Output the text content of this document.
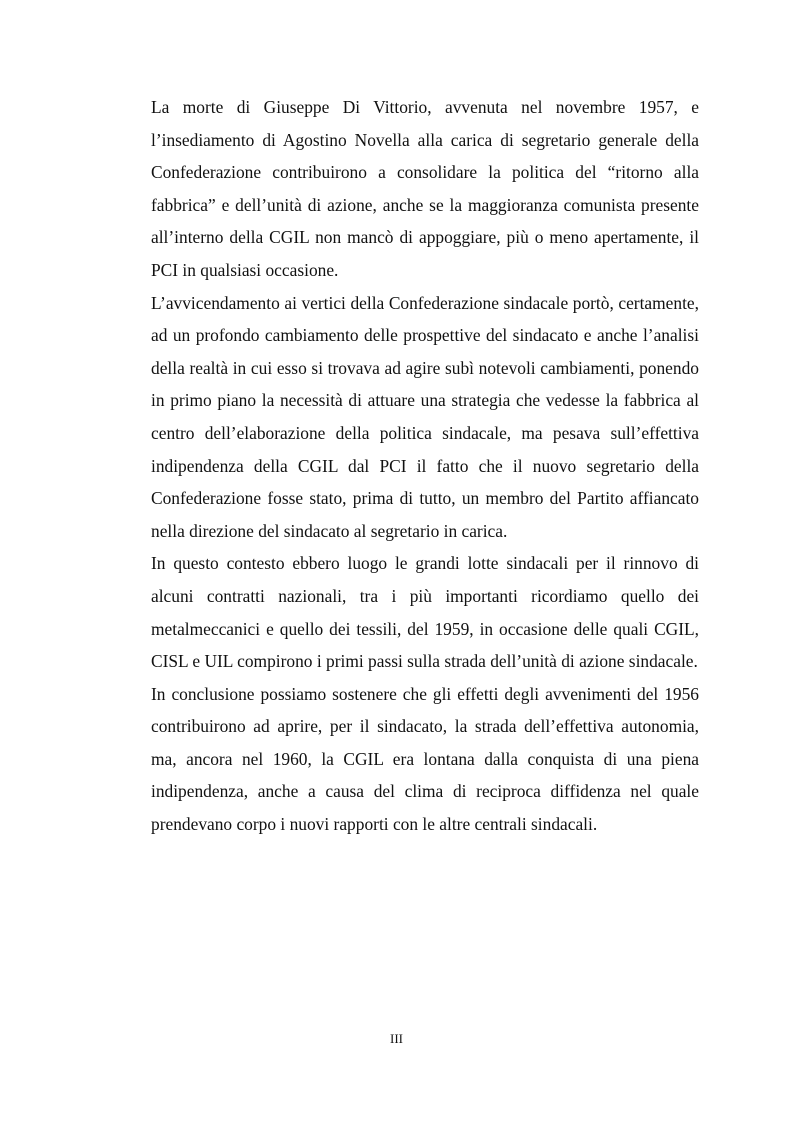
La morte di Giuseppe Di Vittorio, avvenuta nel novembre 1957, e l’insediamento di Agostino Novella alla carica di segretario generale della Confederazione contribuirono a consolidare la politica del “ritorno alla fabbrica” e dell’unità di azione, anche se la maggioranza comunista presente all’interno della CGIL non mancò di appoggiare, più o meno apertamente, il PCI in qualsiasi occasione.

L’avvicendamento ai vertici della Confederazione sindacale portò, certamente, ad un profondo cambiamento delle prospettive del sindacato e anche l’analisi della realtà in cui esso si trovava ad agire subì notevoli cambiamenti, ponendo in primo piano la necessità di attuare una strategia che vedesse la fabbrica al centro dell’elaborazione della politica sindacale, ma pesava sull’effettiva indipendenza della CGIL dal PCI il fatto che il nuovo segretario della Confederazione fosse stato, prima di tutto, un membro del Partito affiancato nella direzione del sindacato al segretario in carica.

In questo contesto ebbero luogo le grandi lotte sindacali per il rinnovo di alcuni contratti nazionali, tra i più importanti ricordiamo quello dei metalmeccanici e quello dei tessili, del 1959, in occasione delle quali CGIL, CISL e UIL compirono i primi passi sulla strada dell’unità di azione sindacale.

In conclusione possiamo sostenere che gli effetti degli avvenimenti del 1956 contribuirono ad aprire, per il sindacato, la strada dell’effettiva autonomia, ma, ancora nel 1960, la CGIL era lontana dalla conquista di una piena indipendenza, anche a causa del clima di reciproca diffidenza nel quale prendevano corpo i nuovi rapporti con le altre centrali sindacali.

III
